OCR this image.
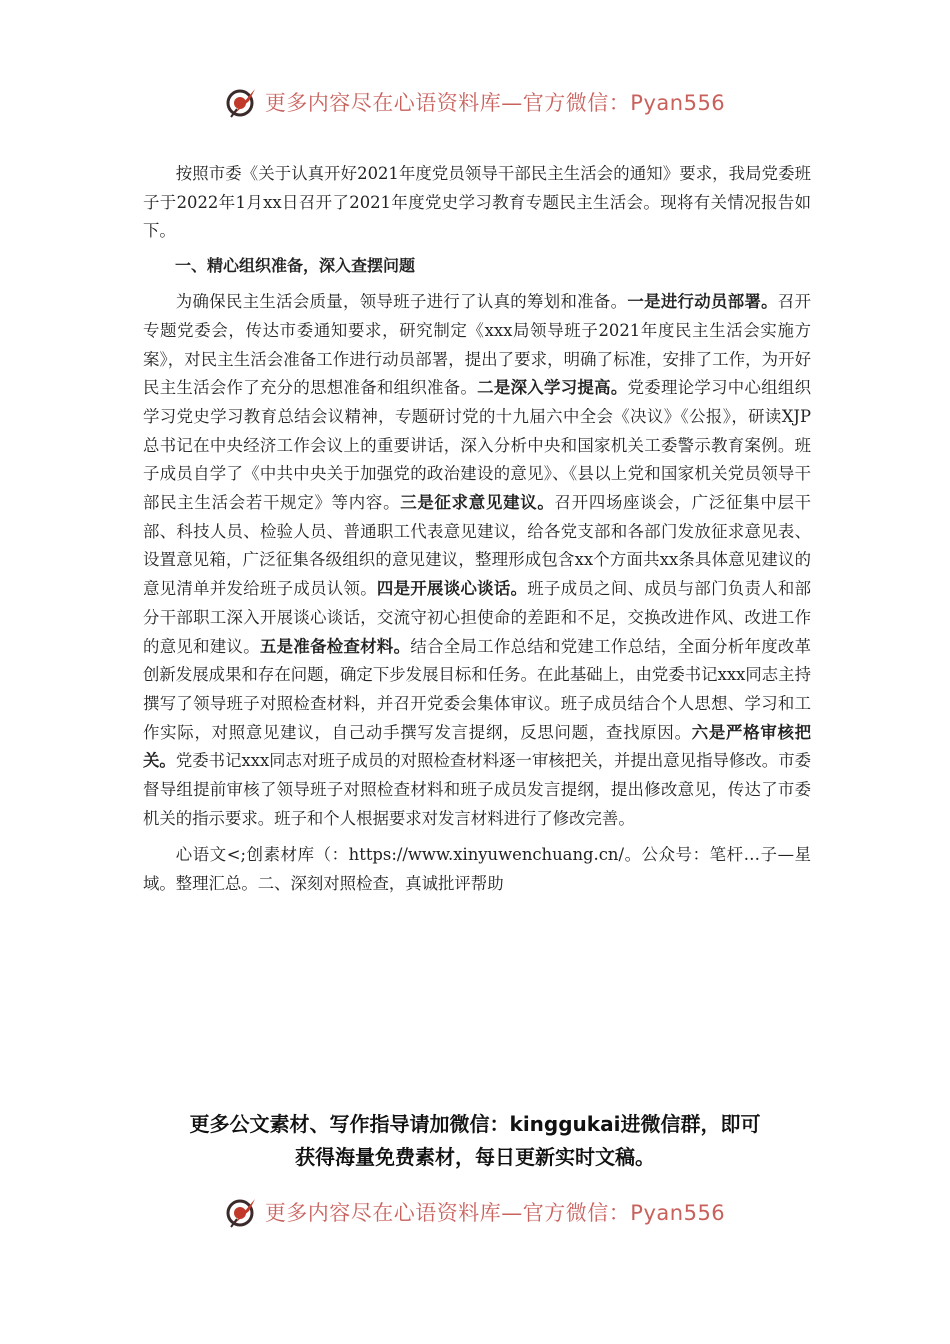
更多内容尽在心语资料库—官方微信：Pyan556

按照市委《关于认真开好2021年度党员领导干部民主生活会的通知》要求，我局党委班子于2022年1月xx日召开了2021年度党史学习教育专题民主生活会。现将有关情况报告如下。

一、精心组织准备，深入查摆问题

为确保民主生活会质量，领导班子进行了认真的筹划和准备。一是进行动员部署。召开专题党委会，传达市委通知要求，研究制定《xxx局领导班子2021年度民主生活会实施方案》，对民主生活会准备工作进行动员部署，提出了要求，明确了标准，安排了工作，为开好民主生活会作了充分的思想准备和组织准备。二是深入学习提高。党委理论学习中心组组织学习党史学习教育总结会议精神，专题研讨党的十九届六中全会《决议》《公报》，研读XJP总书记在中央经济工作会议上的重要讲话，深入分析中央和国家机关工委警示教育案例。班子成员自学了《中共中央关于加强党的政治建设的意见》、《县以上党和国家机关党员领导干部民主生活会若干规定》等内容。三是征求意见建议。召开四场座谈会，广泛征集中层干部、科技人员、检验人员、普通职工代表意见建议，给各党支部和各部门发放征求意见表、设置意见箱，广泛征集各级组织的意见建议，整理形成包含xx个方面共xx条具体意见建议的意见清单并发给班子成员认领。四是开展谈心谈话。班子成员之间、成员与部门负责人和部分干部职工深入开展谈心谈话，交流守初心担使命的差距和不足，交换改进作风、改进工作的意见和建议。五是准备检查材料。结合全局工作总结和党建工作总结，全面分析年度改革创新发展成果和存在问题，确定下步发展目标和任务。在此基础上，由党委书记xxx同志主持撰写了领导班子对照检查材料，并召开党委会集体审议。班子成员结合个人思想、学习和工作实际，对照意见建议，自己动手撰写发言提纲，反思问题，查找原因。六是严格审核把关。党委书记xxx同志对班子成员的对照检查材料逐一审核把关，并提出意见指导修改。市委督导组提前审核了领导班子对照检查材料和班子成员发言提纲，提出修改意见，传达了市委机关的指示要求。班子和个人根据要求对发言材料进行了修改完善。

心语文<;创素材库（：https://www.xinyuwenchuang.cn/。公众号：笔杆…子—星域。整理汇总。二、深刻对照检查，真诚批评帮助

更多公文素材、写作指导请加微信：kinggukai进微信群，即可
获得海量免费素材，每日更新实时文稿。
更多内容尽在心语资料库—官方微信：Pyan556
